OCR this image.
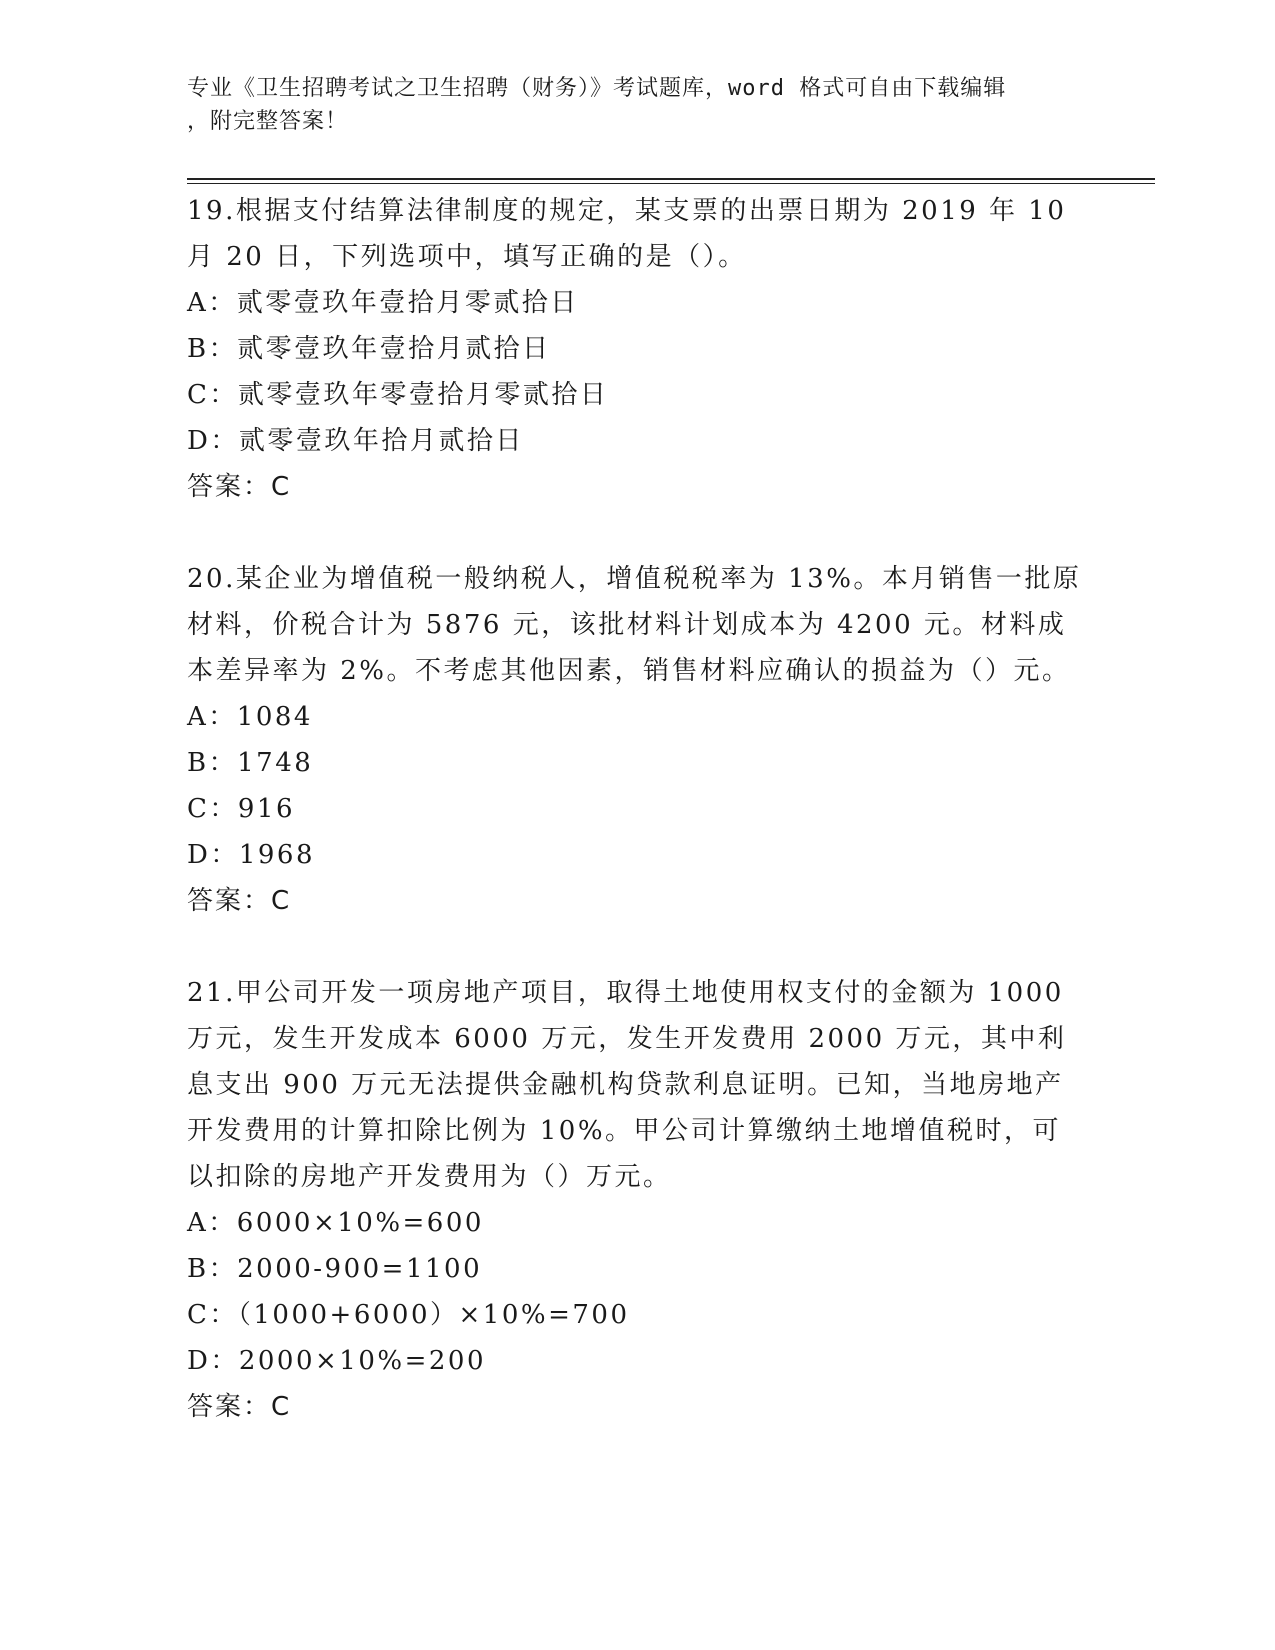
专业《卫生招聘考试之卫生招聘（财务）》考试题库，word 格式可自由下载编辑
，附完整答案！
19.根据支付结算法律制度的规定，某支票的出票日期为 2019 年 10 月 20 日，下列选项中，填写正确的是（）。
A：贰零壹玖年壹拾月零贰拾日
B：贰零壹玖年壹拾月贰拾日
C：贰零壹玖年零壹拾月零贰拾日
D：贰零壹玖年拾月贰拾日
答案：C
20.某企业为增值税一般纳税人，增值税税率为 13%。本月销售一批原材料，价税合计为 5876 元，该批材料计划成本为 4200 元。材料成本差异率为 2%。不考虑其他因素，销售材料应确认的损益为（）元。
A：1084
B：1748
C：916
D：1968
答案：C
21.甲公司开发一项房地产项目，取得土地使用权支付的金额为 1000 万元，发生开发成本 6000 万元，发生开发费用 2000 万元，其中利息支出 900 万元无法提供金融机构贷款利息证明。已知，当地房地产开发费用的计算扣除比例为 10%。甲公司计算缴纳土地增值税时，可以扣除的房地产开发费用为（）万元。
A：6000×10%=600
B：2000-900=1100
C：（1000+6000）×10%=700
D：2000×10%=200
答案：C
